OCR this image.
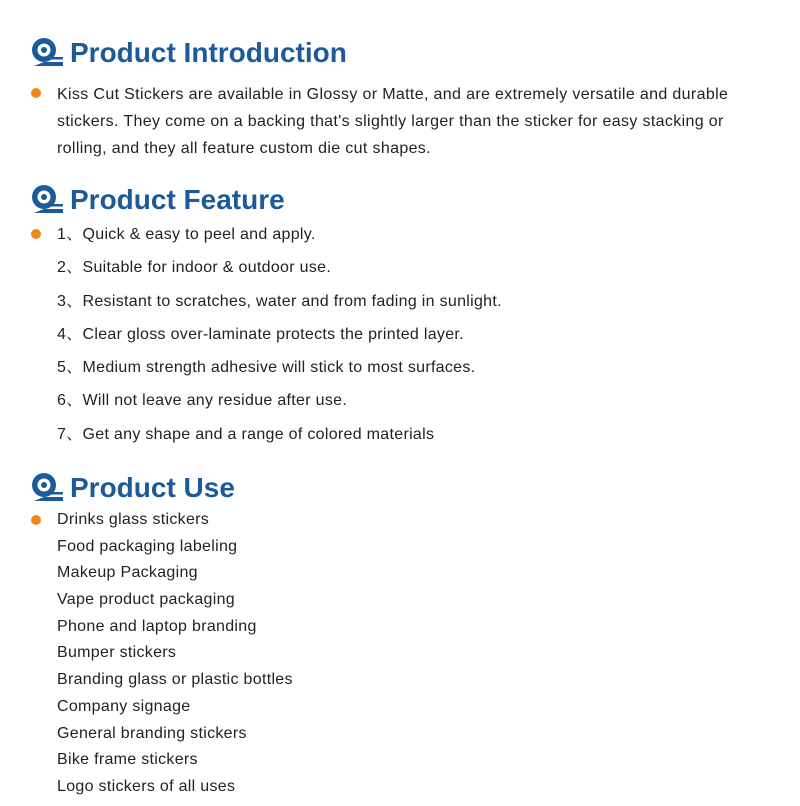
Product Introduction
Kiss Cut Stickers are available in Glossy or Matte, and are extremely versatile and durable stickers. They come on a backing that's slightly larger than the sticker for easy stacking or rolling, and they all feature custom die cut shapes.
Product Feature
1、Quick & easy to peel and apply.
2、Suitable for indoor & outdoor use.
3、Resistant to scratches, water and from fading in sunlight.
4、Clear gloss over-laminate protects the printed layer.
5、Medium strength adhesive will stick to most surfaces.
6、Will not leave any residue after use.
7、Get any shape and a range of colored materials
Product Use
Drinks glass stickers
Food packaging labeling
Makeup Packaging
Vape product packaging
Phone and laptop branding
Bumper stickers
Branding glass or plastic bottles
Company signage
General branding stickers
Bike frame stickers
Logo stickers of all uses
